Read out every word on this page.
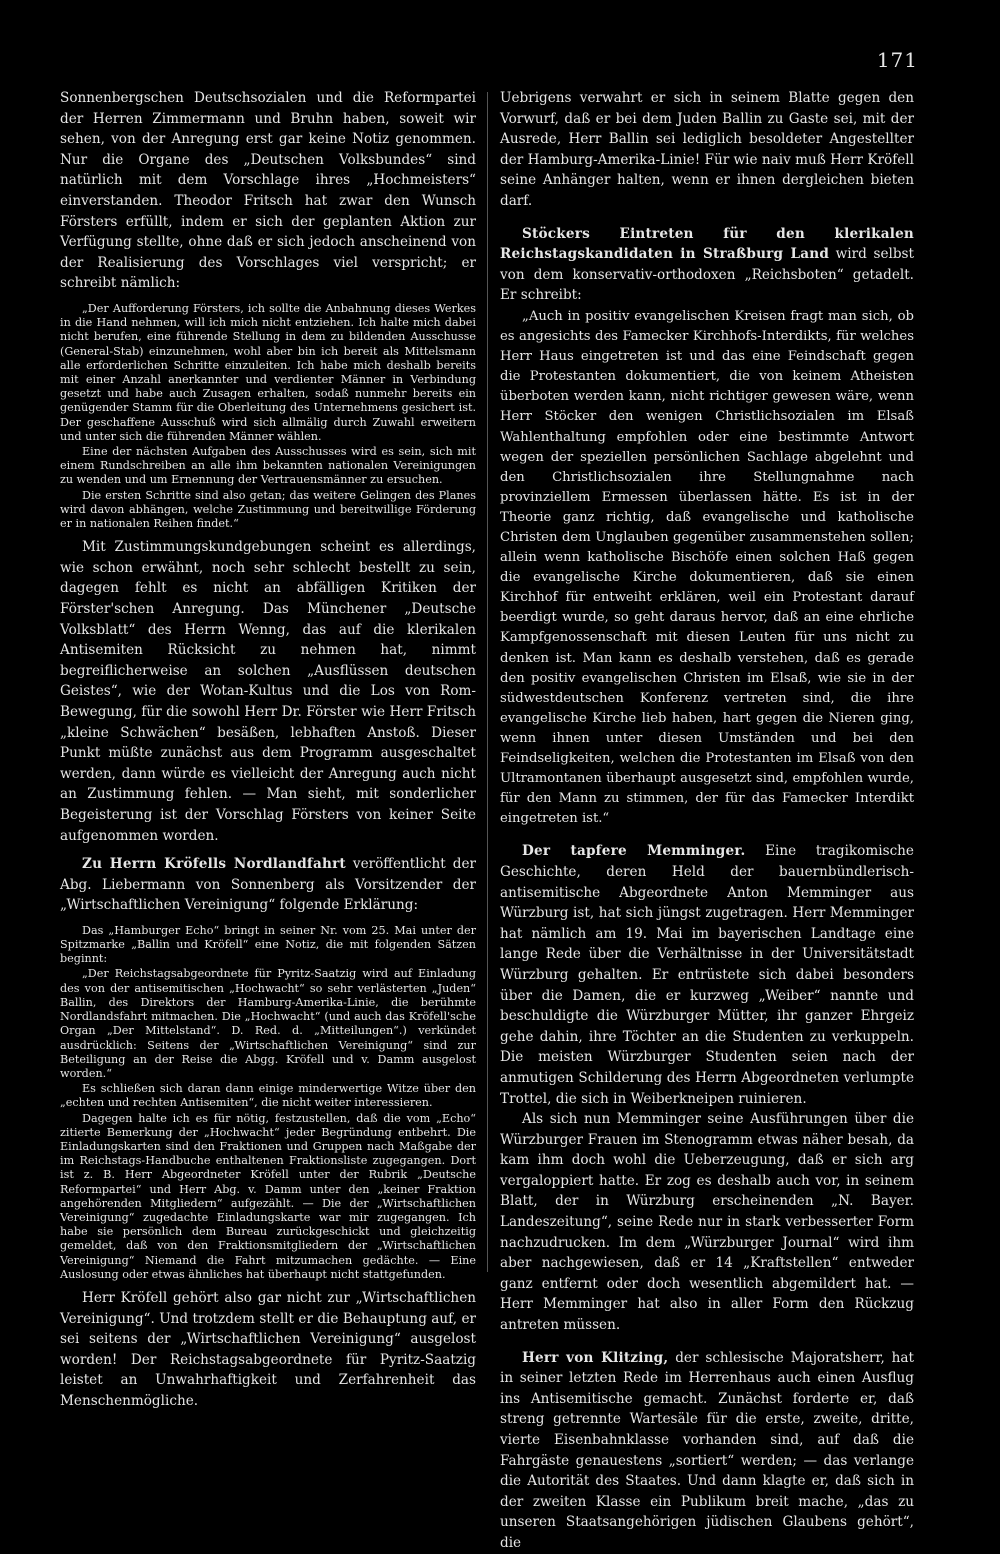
171

Sonnenbergschen Deutschsozialen und die Reformpartei der Herren Zimmermann und Bruhn haben, soweit wir sehen, von der Anregung erst gar keine Notiz genommen. Nur die Organe des „Deutschen Volksbundes“ sind natürlich mit dem Vorschlage ihres „Hochmeisters“ einverstanden. Theodor Fritsch hat zwar den Wunsch Försters erfüllt, indem er sich der geplanten Aktion zur Verfügung stellte, ohne daß er sich jedoch anscheinend von der Realisierung des Vorschlages viel verspricht; er schreibt nämlich:

„Der Aufforderung Försters, ich sollte die Anbahnung dieses Werkes in die Hand nehmen, will ich mich nicht entziehen. Ich halte mich dabei nicht berufen, eine führende Stellung in dem zu bildenden Ausschusse (General-Stab) einzunehmen, wohl aber bin ich bereit als Mittelsmann alle erforderlichen Schritte einzuleiten. Ich habe mich deshalb bereits mit einer Anzahl anerkannter und verdienter Männer in Verbindung gesetzt und habe auch Zusagen erhalten, sodaß nunmehr bereits ein genügender Stamm für die Oberleitung des Unternehmens gesichert ist. Der geschaffene Ausschuß wird sich allmälig durch Zuwahl erweitern und unter sich die führenden Männer wählen.

Eine der nächsten Aufgaben des Ausschusses wird es sein, sich mit einem Rundschreiben an alle ihm bekannten nationalen Vereinigungen zu wenden und um Ernennung der Vertrauensmänner zu ersuchen.

Die ersten Schritte sind also getan; das weitere Gelingen des Planes wird davon abhängen, welche Zustimmung und bereitwillige Förderung er in nationalen Reihen findet.“

Mit Zustimmungskundgebungen scheint es allerdings, wie schon erwähnt, noch sehr schlecht bestellt zu sein, dagegen fehlt es nicht an abfälligen Kritiken der Förster'schen Anregung. Das Münchener „Deutsche Volksblatt“ des Herrn Wenng, das auf die klerikalen Antisemiten Rücksicht zu nehmen hat, nimmt begreiflicherweise an solchen „Ausflüssen deutschen Geistes“, wie der Wotan-Kultus und die Los von Rom-Bewegung, für die sowohl Herr Dr. Förster wie Herr Fritsch „kleine Schwächen“ besäßen, lebhaften Anstoß. Dieser Punkt müßte zunächst aus dem Programm ausgeschaltet werden, dann würde es vielleicht der Anregung auch nicht an Zustimmung fehlen. — Man sieht, mit sonderlicher Begeisterung ist der Vorschlag Försters von keiner Seite aufgenommen worden.

Zu Herrn Kröfells Nordlandfahrt veröffentlicht der Abg. Liebermann von Sonnenberg als Vorsitzender der „Wirtschaftlichen Vereinigung“ folgende Erklärung:

Das „Hamburger Echo“ bringt in seiner Nr. vom 25. Mai unter der Spitzmarke „Ballin und Kröfell“ eine Notiz, die mit folgenden Sätzen beginnt:

„Der Reichstagsabgeordnete für Pyritz-Saatzig wird auf Einladung des von der antisemitischen „Hochwacht“ so sehr verlästerten „Juden“ Ballin, des Direktors der Hamburg-Amerika-Linie, die berühmte Nordlandsfahrt mitmachen. Die „Hochwacht“ (und auch das Kröfell'sche Organ „Der Mittelstand“. D. Red. d. „Mitteilungen“.) verkündet ausdrücklich: Seitens der „Wirtschaftlichen Vereinigung“ sind zur Beteiligung an der Reise die Abgg. Kröfell und v. Damm ausgelost worden.“

Es schließen sich daran dann einige minderwertige Witze über den „echten und rechten Antisemiten“, die nicht weiter interessieren.

Dagegen halte ich es für nötig, festzustellen, daß die vom „Echo“ zitierte Bemerkung der „Hochwacht“ jeder Begründung entbehrt. Die Einladungskarten sind den Fraktionen und Gruppen nach Maßgabe der im Reichstags-Handbuche enthaltenen Fraktionsliste zugegangen. Dort ist z. B. Herr Abgeordneter Kröfell unter der Rubrik „Deutsche Reformpartei“ und Herr Abg. v. Damm unter den „keiner Fraktion angehörenden Mitgliedern“ aufgezählt. — Die der „Wirtschaftlichen Vereinigung“ zugedachte Einladungskarte war mir zugegangen. Ich habe sie persönlich dem Bureau zurückgeschickt und gleichzeitig gemeldet, daß von den Fraktionsmitgliedern der „Wirtschaftlichen Vereinigung“ Niemand die Fahrt mitzumachen gedächte. — Eine Auslosung oder etwas ähnliches hat überhaupt nicht stattgefunden.

Herr Kröfell gehört also gar nicht zur „Wirtschaftlichen Vereinigung“. Und trotzdem stellt er die Behauptung auf, er sei seitens der „Wirtschaftlichen Vereinigung“ ausgelost worden! Der Reichstagsabgeordnete für Pyritz-Saatzig leistet an Unwahrhaftigkeit und Zerfahrenheit das Menschenmögliche.

Uebrigens verwahrt er sich in seinem Blatte gegen den Vorwurf, daß er bei dem Juden Ballin zu Gaste sei, mit der Ausrede, Herr Ballin sei lediglich besoldeter Angestellter der Hamburg-Amerika-Linie! Für wie naiv muß Herr Kröfell seine Anhänger halten, wenn er ihnen dergleichen bieten darf.

Stöckers Eintreten für den klerikalen Reichstagskandidaten in Straßburg Land wird selbst von dem konservativ-orthodoxen „Reichsboten“ getadelt. Er schreibt:

„Auch in positiv evangelischen Kreisen fragt man sich, ob es angesichts des Famecker Kirchhofs-Interdikts, für welches Herr Haus eingetreten ist und das eine Feindschaft gegen die Protestanten dokumentiert, die von keinem Atheisten überboten werden kann, nicht richtiger gewesen wäre, wenn Herr Stöcker den wenigen Christlichsozialen im Elsaß Wahlenthaltung empfohlen oder eine bestimmte Antwort wegen der speziellen persönlichen Sachlage abgelehnt und den Christlichsozialen ihre Stellungnahme nach provinziellem Ermessen überlassen hätte. Es ist in der Theorie ganz richtig, daß evangelische und katholische Christen dem Unglauben gegenüber zusammenstehen sollen; allein wenn katholische Bischöfe einen solchen Haß gegen die evangelische Kirche dokumentieren, daß sie einen Kirchhof für entweiht erklären, weil ein Protestant darauf beerdigt wurde, so geht daraus hervor, daß an eine ehrliche Kampfgenossenschaft mit diesen Leuten für uns nicht zu denken ist. Man kann es deshalb verstehen, daß es gerade den positiv evangelischen Christen im Elsaß, wie sie in der südwestdeutschen Konferenz vertreten sind, die ihre evangelische Kirche lieb haben, hart gegen die Nieren ging, wenn ihnen unter diesen Umständen und bei den Feindseligkeiten, welchen die Protestanten im Elsaß von den Ultramontanen überhaupt ausgesetzt sind, empfohlen wurde, für den Mann zu stimmen, der für das Famecker Interdikt eingetreten ist.“

Der tapfere Memminger. Eine tragikomische Geschichte, deren Held der bauernbündlerisch-antisemitische Abgeordnete Anton Memminger aus Würzburg ist, hat sich jüngst zugetragen. Herr Memminger hat nämlich am 19. Mai im bayerischen Landtage eine lange Rede über die Verhältnisse in der Universitätstadt Würzburg gehalten. Er entrüstete sich dabei besonders über die Damen, die er kurzweg „Weiber“ nannte und beschuldigte die Würzburger Mütter, ihr ganzer Ehrgeiz gehe dahin, ihre Töchter an die Studenten zu verkuppeln. Die meisten Würzburger Studenten seien nach der anmutigen Schilderung des Herrn Abgeordneten verlumpte Trottel, die sich in Weiberkneipen ruinieren.

Als sich nun Memminger seine Ausführungen über die Würzburger Frauen im Stenogramm etwas näher besah, da kam ihm doch wohl die Ueberzeugung, daß er sich arg vergaloppiert hatte. Er zog es deshalb auch vor, in seinem Blatt, der in Würzburg erscheinenden „N. Bayer. Landeszeitung“, seine Rede nur in stark verbesserter Form nachzudrucken. Im dem „Würzburger Journal“ wird ihm aber nachgewiesen, daß er 14 „Kraftstellen“ entweder ganz entfernt oder doch wesentlich abgemildert hat. — Herr Memminger hat also in aller Form den Rückzug antreten müssen.

Herr von Klitzing, der schlesische Majoratsherr, hat in seiner letzten Rede im Herrenhaus auch einen Ausflug ins Antisemitische gemacht. Zunächst forderte er, daß streng getrennte Wartesäle für die erste, zweite, dritte, vierte Eisenbahnklasse vorhanden sind, auf daß die Fahrgäste genauestens „sortiert“ werden; — das verlange die Autorität des Staates. Und dann klagte er, daß sich in der zweiten Klasse ein Publikum breit mache, „das zu unseren Staatsangehörigen jüdischen Glaubens gehört“, die
